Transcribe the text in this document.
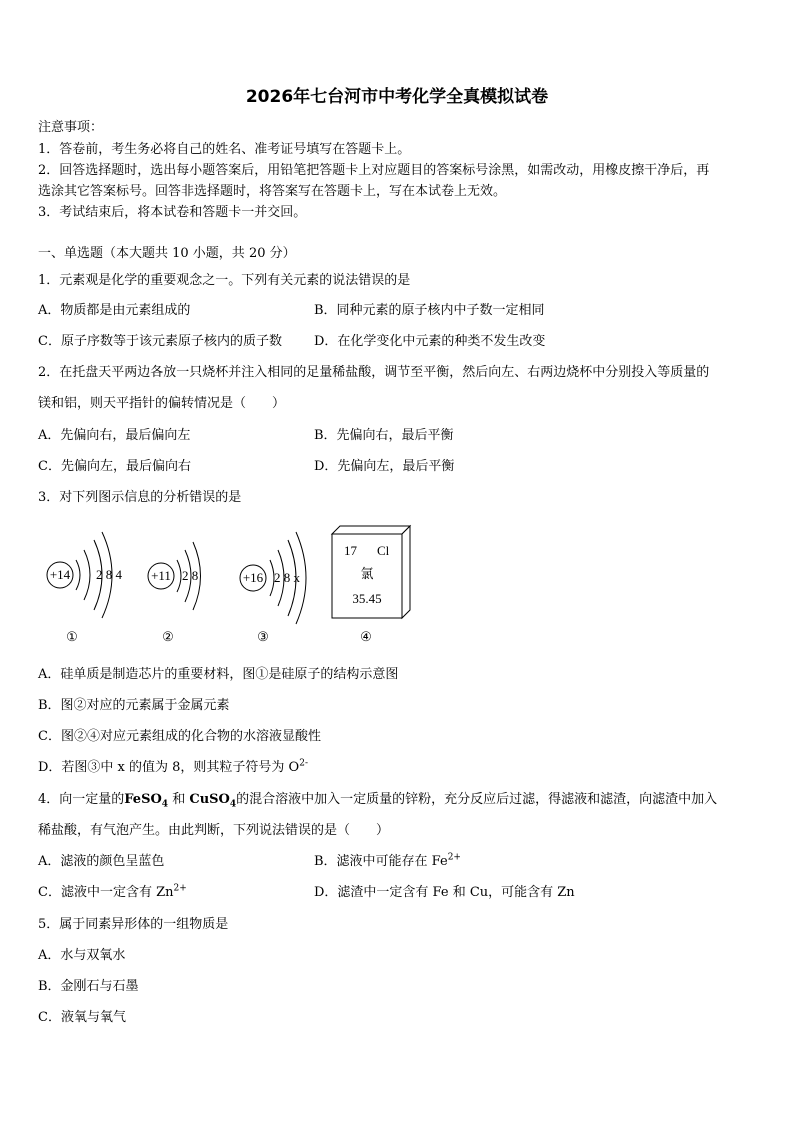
2026年七台河市中考化学全真模拟试卷
注意事项：
1．答卷前，考生务必将自己的姓名、准考证号填写在答题卡上。
2．回答选择题时，选出每小题答案后，用铅笔把答题卡上对应题目的答案标号涂黑，如需改动，用橡皮擦干净后，再
选涂其它答案标号。回答非选择题时，将答案写在答题卡上，写在本试卷上无效。
3．考试结束后，将本试卷和答题卡一并交回。
一、单选题（本大题共 10 小题，共 20 分）
1．元素观是化学的重要观念之一。下列有关元素的说法错误的是
A．物质都是由元素组成的	B．同种元素的原子核内中子数一定相同
C．原子序数等于该元素原子核内的质子数 D．在化学变化中元素的种类不发生改变
2．在托盘天平两边各放一只烧杯并注入相同的足量稀盐酸，调节至平衡，然后向左、右两边烧杯中分别投入等质量的
镁和铝，则天平指针的偏转情况是（　　）
A．先偏向右，最后偏向左	B．先偏向右，最后平衡
C．先偏向左，最后偏向右	D．先偏向左，最后平衡
3．对下列图示信息的分析错误的是
+14 2 8 4
①
+11 2 8
②
+16 2 8 x
③
17 Cl
氯
35.45
④
A．硅单质是制造芯片的重要材料，图①是硅原子的结构示意图
B．图②对应的元素属于金属元素
C．图②④对应元素组成的化合物的水溶液显酸性
D．若图③中 x 的值为 8，则其粒子符号为 $O^{2-}$
4．向一定量的FeSO$_4$ 和 CuSO$_4$的混合溶液中加入一定质量的锌粉，充分反应后过滤，得滤液和滤渣，向滤渣中加入
稀盐酸，有气泡产生。由此判断，下列说法错误的是（　　）
A．滤液的颜色呈蓝色	B．滤液中可能存在 $Fe^{2+}$
C．滤液中一定含有 $Zn^{2+}$	D．滤渣中一定含有 Fe 和 Cu，可能含有 Zn
5．属于同素异形体的一组物质是
A．水与双氧水
B．金刚石与石墨
C．液氧与氧气
